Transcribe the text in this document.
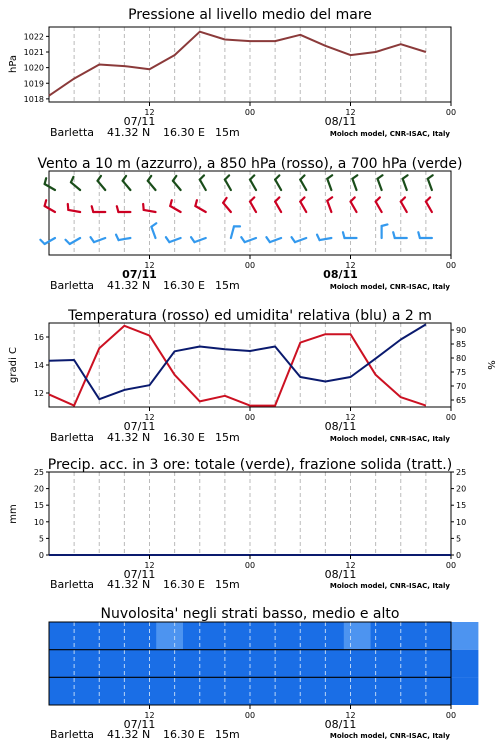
Pressione al livello medio del mare
hPa
1018
1019
1020
1021
1022
12	00	12	00
07/11	08/11
Barletta 41.32 N 16.30 E 15m	Moloch model, CNR-ISAC, Italy
Vento a 10 m (azzurro), a 850 hPa (rosso), a 700 hPa (verde)
12	00	12	00
07/11	08/11
Barletta 41.32 N 16.30 E 15m	Moloch model, CNR-ISAC, Italy
Temperatura (rosso) ed umidita' relativa (blu) a 2 m
gradi C	%
12
14
16
65
70
75
80
85
90
12	00	12	00
07/11	08/11
Barletta 41.32 N 16.30 E 15m	Moloch model, CNR-ISAC, Italy
Precip. acc. in 3 ore: totale (verde), frazione solida (tratt.)
mm
0
5
10
15
20
25
0
5
10
15
20
25
12	00	12	00
07/11	08/11
Barletta 41.32 N 16.30 E 15m	Moloch model, CNR-ISAC, Italy
Nuvolosita' negli strati basso, medio e alto
12	00	12	00
07/11	08/11
Barletta 41.32 N 16.30 E 15m	Moloch model, CNR-ISAC, Italy
